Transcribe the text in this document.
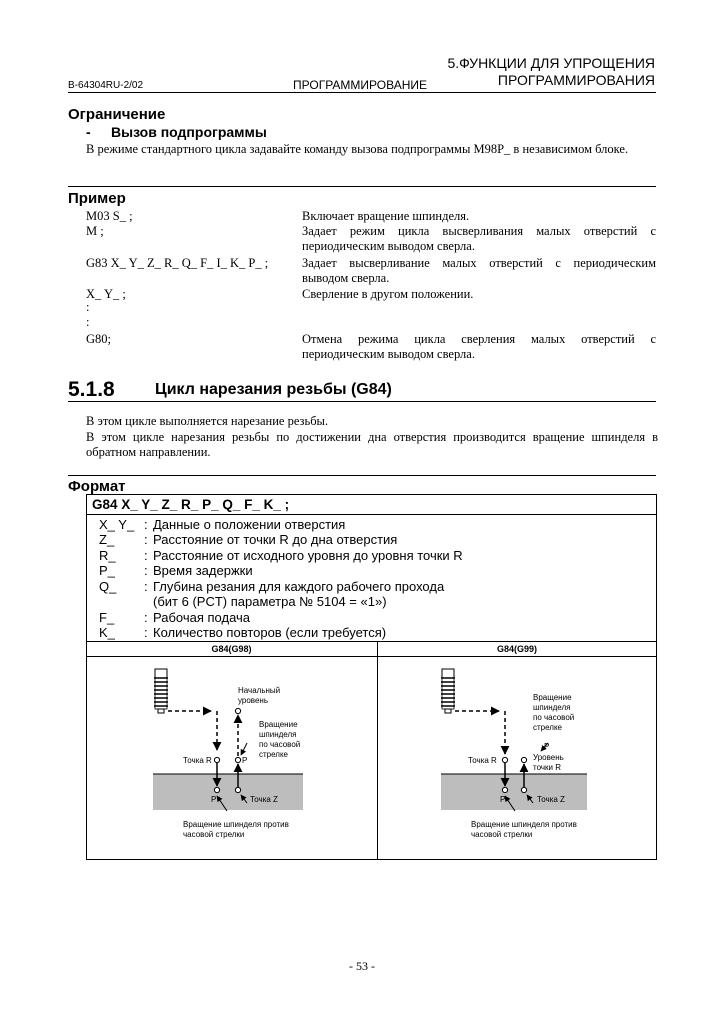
5.ФУНКЦИИ ДЛЯ УПРОЩЕНИЯ
B-64304RU-2/02	ПРОГРАММИРОВАНИЕ	ПРОГРАММИРОВАНИЯ
Ограничение
- Вызов подпрограммы
В режиме стандартного цикла задавайте команду вызова подпрограммы M98P_ в независимом блоке.
Пример
M03 S_ ;	Включает вращение шпинделя.
M ;	Задает режим цикла высверливания малых отверстий с периодическим выводом сверла.
G83 X_ Y_ Z_ R_ Q_ F_ I_ K_ P_ ;	Задает высверливание малых отверстий с периодическим выводом сверла.
X_ Y_ ;	Сверление в другом положении.
:
:
G80;	Отмена режима цикла сверления малых отверстий с периодическим выводом сверла.
5.1.8	Цикл нарезания резьбы (G84)
В этом цикле выполняется нарезание резьбы.
В этом цикле нарезания резьбы по достижении дна отверстия производится вращение шпинделя в обратном направлении.
Формат
G84 X_ Y_ Z_ R_ P_ Q_ F_ K_ ;
X_ Y_ : Данные о положении отверстия
Z_ : Расстояние от точки R до дна отверстия
R_ : Расстояние от исходного уровня до уровня точки R
P_ : Время задержки
Q_ : Глубина резания для каждого рабочего прохода
(бит 6 (PCT) параметра № 5104 = «1»)
F_ : Рабочая подача
K_ : Количество повторов (если требуется)
G84(G98)	G84(G99)
Начальный
уровень
Вращение
шпинделя
по часовой
стрелке
Точка R	P
P	Точка Z
Вращение шпинделя против
часовой стрелки
Вращение
шпинделя
по часовой
стрелке
P
Уровень
точки R
Точка R
P	Точка Z
Вращение шпинделя против
часовой стрелки
- 53 -
